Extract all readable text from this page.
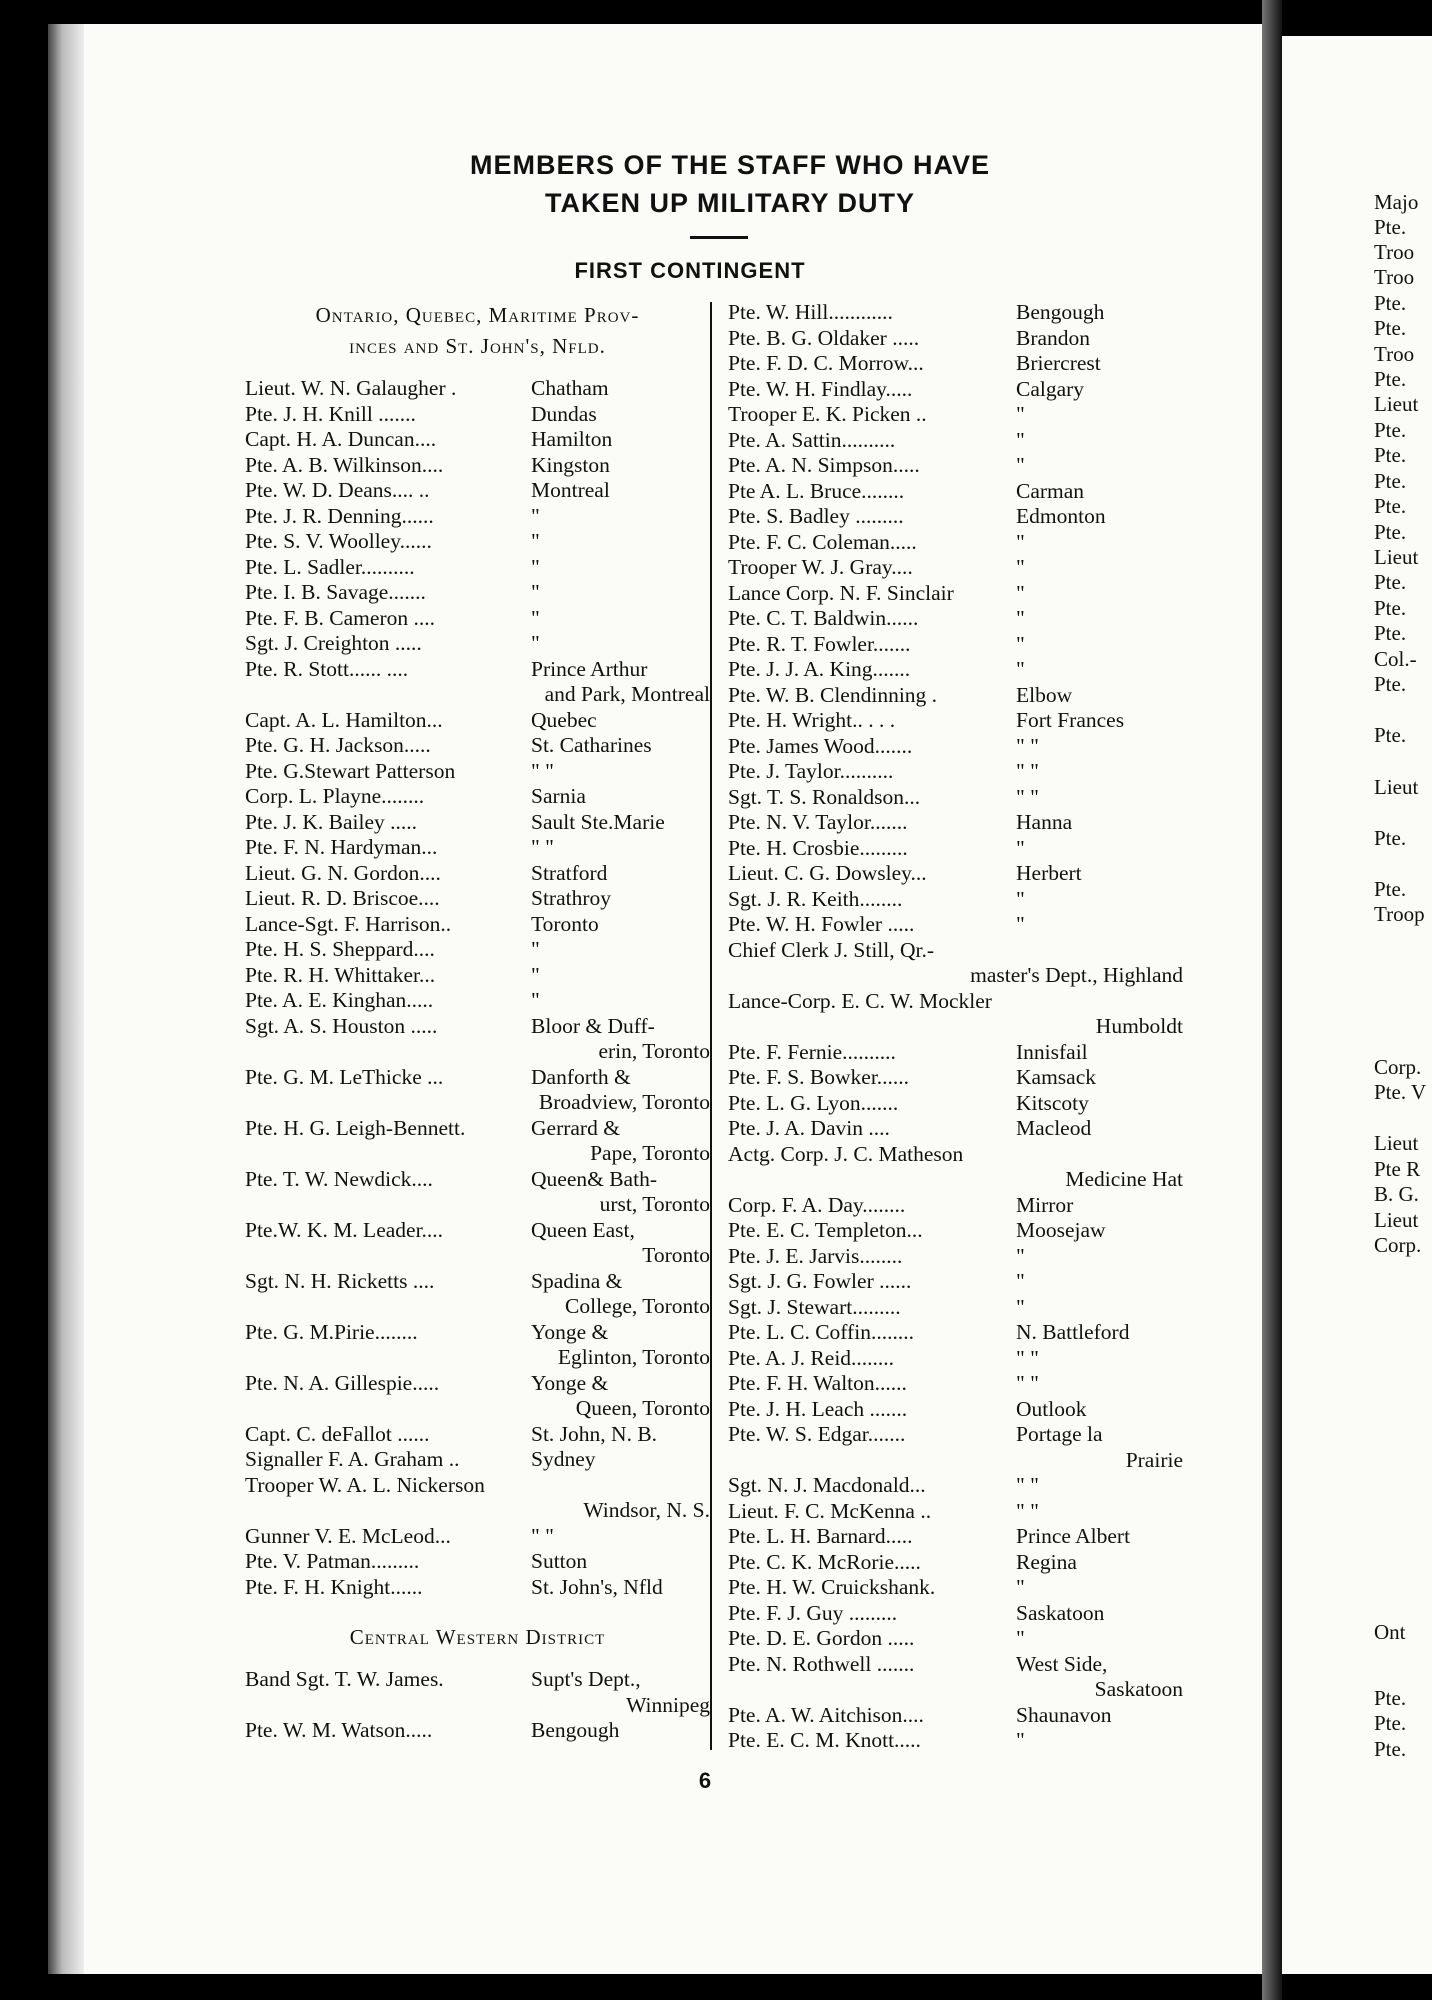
Majo
Pte.
Troo
Troo
Pte.
Pte.
Troo
Pte.
Lieut
Pte.
Pte.
Pte.
Pte.
Pte.
Lieut
Pte.
Pte.
Pte.
Col.-
Pte.
Pte.
Lieut
Pte.
Pte.
Troop
Corp.
Pte. V
Lieut
Pte R
B. G.
Lieut
Corp.
Ont
Pte.
Pte.
Pte.
MEMBERS OF THE STAFF WHO HAVE
TAKEN UP MILITARY DUTY
FIRST CONTINGENT
Ontario, Quebec, Maritime Prov-
inces and St. John's, Nfld.
Lieut. W. N. Galaugher .	Chatham
Pte. J. H. Knill .......	Dundas
Capt. H. A. Duncan....	Hamilton
Pte. A. B. Wilkinson....	Kingston
Pte. W. D. Deans.... ..	Montreal
Pte. J. R. Denning......	"
Pte. S. V. Woolley......	"
Pte. L. Sadler..........	"
Pte. I. B. Savage.......	"
Pte. F. B. Cameron ....	"
Sgt. J. Creighton .....	"
Pte. R. Stott...... ....	Prince Arthur
and Park, Montreal
Capt. A. L. Hamilton...	Quebec
Pte. G. H. Jackson.....	St. Catharines
Pte. G.Stewart Patterson	" "
Corp. L. Playne........	Sarnia
Pte. J. K. Bailey .....	Sault Ste.Marie
Pte. F. N. Hardyman...	" "
Lieut. G. N. Gordon....	Stratford
Lieut. R. D. Briscoe....	Strathroy
Lance-Sgt. F. Harrison..	Toronto
Pte. H. S. Sheppard....	"
Pte. R. H. Whittaker...	"
Pte. A. E. Kinghan.....	"
Sgt. A. S. Houston .....	Bloor & Duff-
erin, Toronto
Pte. G. M. LeThicke ...	Danforth &
Broadview, Toronto
Pte. H. G. Leigh-Bennett.	Gerrard &
Pape, Toronto
Pte. T. W. Newdick....	Queen& Bath-
urst, Toronto
Pte.W. K. M. Leader....	Queen East,
Toronto
Sgt. N. H. Ricketts ....	Spadina &
College, Toronto
Pte. G. M.Pirie........	Yonge &
Eglinton, Toronto
Pte. N. A. Gillespie.....	Yonge &
Queen, Toronto
Capt. C. deFallot ......	St. John, N. B.
Signaller F. A. Graham ..	Sydney
Trooper W. A. L. Nickerson
Windsor, N. S.
Gunner V. E. McLeod...	" "
Pte. V. Patman.........	Sutton
Pte. F. H. Knight......	St. John's, Nfld
Central Western District
Band Sgt. T. W. James.	Supt's Dept.,
Winnipeg
Pte. W. M. Watson.....	Bengough
Pte. W. Hill............	Bengough
Pte. B. G. Oldaker .....	Brandon
Pte. F. D. C. Morrow...	Briercrest
Pte. W. H. Findlay.....	Calgary
Trooper E. K. Picken ..	"
Pte. A. Sattin..........	"
Pte. A. N. Simpson.....	"
Pte A. L. Bruce........	Carman
Pte. S. Badley .........	Edmonton
Pte. F. C. Coleman.....	"
Trooper W. J. Gray....	"
Lance Corp. N. F. Sinclair	"
Pte. C. T. Baldwin......	"
Pte. R. T. Fowler.......	"
Pte. J. J. A. King.......	"
Pte. W. B. Clendinning .	Elbow
Pte. H. Wright.. . . .	Fort Frances
Pte. James Wood.......	" "
Pte. J. Taylor..........	" "
Sgt. T. S. Ronaldson...	" "
Pte. N. V. Taylor.......	Hanna
Pte. H. Crosbie.........	"
Lieut. C. G. Dowsley...	Herbert
Sgt. J. R. Keith........	"
Pte. W. H. Fowler .....	"
Chief Clerk J. Still, Qr.-
master's Dept., Highland
Lance-Corp. E. C. W. Mockler
Humboldt
Pte. F. Fernie..........	Innisfail
Pte. F. S. Bowker......	Kamsack
Pte. L. G. Lyon.......	Kitscoty
Pte. J. A. Davin ....	Macleod
Actg. Corp. J. C. Matheson
Medicine Hat
Corp. F. A. Day........	Mirror
Pte. E. C. Templeton...	Moosejaw
Pte. J. E. Jarvis........	"
Sgt. J. G. Fowler ......	"
Sgt. J. Stewart.........	"
Pte. L. C. Coffin........	N. Battleford
Pte. A. J. Reid........	" "
Pte. F. H. Walton......	" "
Pte. J. H. Leach .......	Outlook
Pte. W. S. Edgar.......	Portage la
Prairie
Sgt. N. J. Macdonald...	" "
Lieut. F. C. McKenna ..	" "
Pte. L. H. Barnard.....	Prince Albert
Pte. C. K. McRorie.....	Regina
Pte. H. W. Cruickshank.	"
Pte. F. J. Guy .........	Saskatoon
Pte. D. E. Gordon .....	"
Pte. N. Rothwell .......	West Side,
Saskatoon
Pte. A. W. Aitchison....	Shaunavon
Pte. E. C. M. Knott.....	"
6
